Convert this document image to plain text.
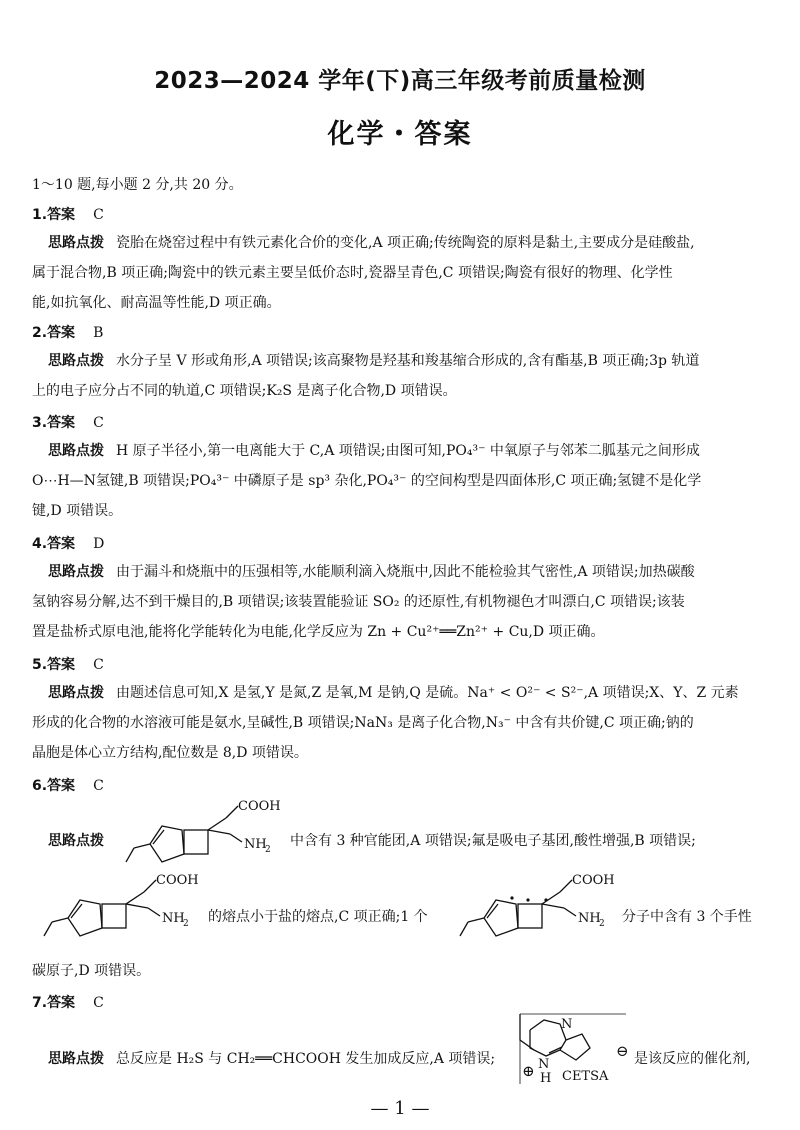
2023—2024 学年(下)高三年级考前质量检测
化学・答案
1～10 题,每小题 2 分,共 20 分。
1.答案 C
思路点拨 瓷胎在烧窑过程中有铁元素化合价的变化,A 项正确;传统陶瓷的原料是黏土,主要成分是硅酸盐,
属于混合物,B 项正确;陶瓷中的铁元素主要呈低价态时,瓷器呈青色,C 项错误;陶瓷有很好的物理、化学性
能,如抗氧化、耐高温等性能,D 项正确。
2.答案 B
思路点拨 水分子呈 V 形或角形,A 项错误;该高聚物是羟基和羧基缩合形成的,含有酯基,B 项正确;3p 轨道
上的电子应分占不同的轨道,C 项错误;K₂S 是离子化合物,D 项错误。
3.答案 C
思路点拨 H 原子半径小,第一电离能大于 C,A 项错误;由图可知,PO₄³⁻ 中氧原子与邻苯二胍基元之间形成
O⋯H—N氢键,B 项错误;PO₄³⁻ 中磷原子是 sp³ 杂化,PO₄³⁻ 的空间构型是四面体形,C 项正确;氢键不是化学
键,D 项错误。
4.答案 D
思路点拨 由于漏斗和烧瓶中的压强相等,水能顺利滴入烧瓶中,因此不能检验其气密性,A 项错误;加热碳酸
氢钠容易分解,达不到干燥目的,B 项错误;该装置能验证 SO₂ 的还原性,有机物褪色才叫漂白,C 项错误;该装
置是盐桥式原电池,能将化学能转化为电能,化学反应为 Zn + Cu²⁺══Zn²⁺ + Cu,D 项正确。
5.答案 C
思路点拨 由题述信息可知,X 是氢,Y 是氮,Z 是氧,M 是钠,Q 是硫。Na⁺ < O²⁻ < S²⁻,A 项错误;X、Y、Z 元素
形成的化合物的水溶液可能是氨水,呈碱性,B 项错误;NaN₃ 是离子化合物,N₃⁻ 中含有共价键,C 项正确;钠的
晶胞是体心立方结构,配位数是 8,D 项错误。
6.答案 C
思路点拨
COOH
NH
2
中含有 3 种官能团,A 项错误;氟是吸电子基团,酸性增强,B 项错误;
COOH
NH
2 的熔点小于盐的熔点,C 项正确;1 个
COOH
NH
2 分子中含有 3 个手性
碳原子,D 项错误。
7.答案 C
思路点拨 总反应是 H₂S 与 CH₂══CHCOOH 发生加成反应,A 项错误;
N
N
H
⊕ CETSA
⊖ 是该反应的催化剂,
— 1 —
